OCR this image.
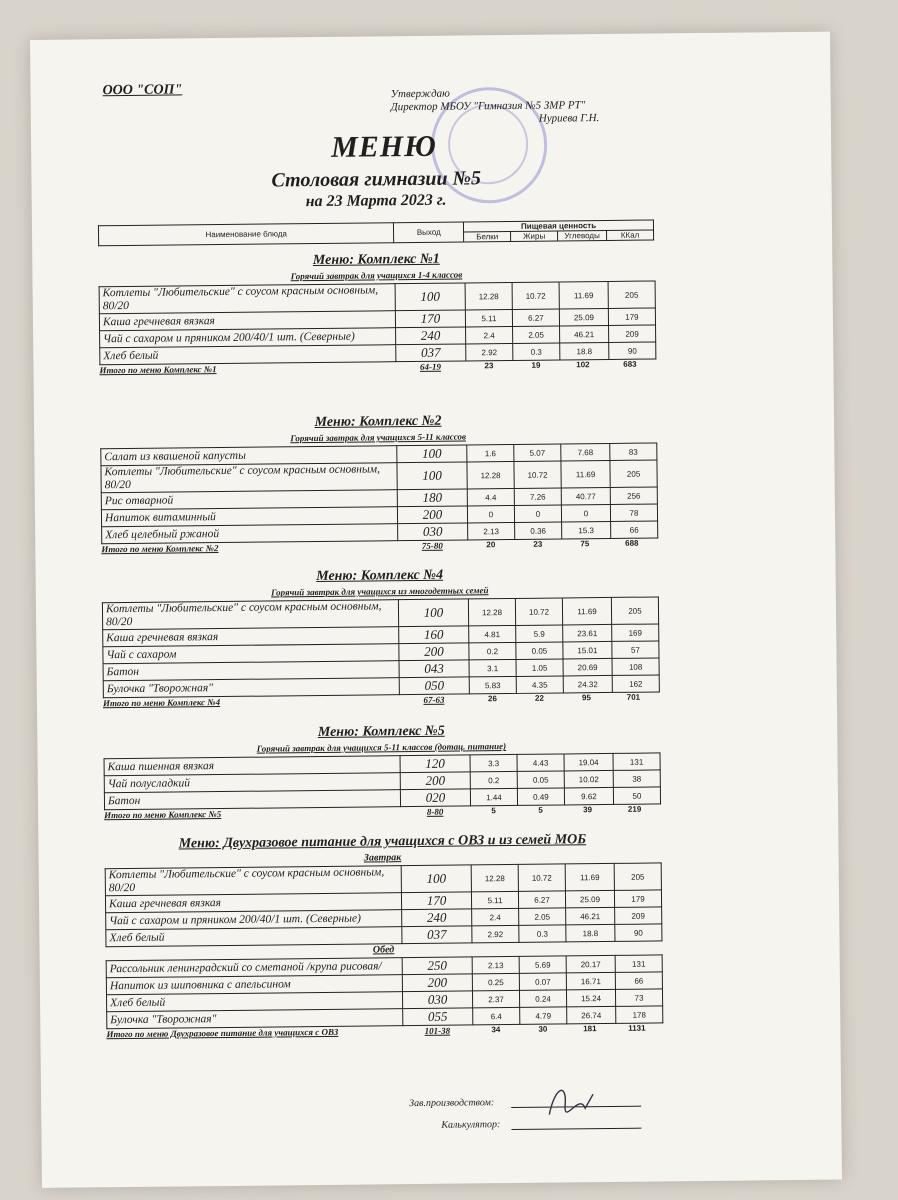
ООО "СОП"	Утверждаю
Директор МБОУ "Гимназия №5 ЗМР РТ"
Нуриева Г.Н.
МЕНЮ
Столовая гимназии №5
на 23 Марта 2023 г.
Наименование блюда	Выход	Пищевая ценность			
		Белки	Жиры	Углеводы	ККал
Меню: Комплекс №1
Горячий завтрак для учащихся 1-4 классов
Котлеты "Любительские" с соусом красным основным, 80/20	100	12.28	10.72	11.69	205
Каша гречневая вязкая	170	5.11	6.27	25.09	179
Чай с сахаром и пряником 200/40/1 шт. (Северные)	240	2.4	2.05	46.21	209
Хлеб белый	037	2.92	0.3	18.8	90
Итого по меню Комплекс №1	64-19	23	19	102	683
Меню: Комплекс №2
Горячий завтрак для учащихся 5-11 классов
Салат из квашеной капусты	100	1.6	5.07	7.68	83
Котлеты "Любительские" с соусом красным основным, 80/20	100	12.28	10.72	11.69	205
Рис отварной	180	4.4	7.26	40.77	256
Напиток витаминный	200	0	0	0	78
Хлеб целебный ржаной	030	2.13	0.36	15.3	66
Итого по меню Комплекс №2	75-80	20	23	75	688
Меню: Комплекс №4
Горячий завтрак для учащихся из многодетных семей
Котлеты "Любительские" с соусом красным основным, 80/20	100	12.28	10.72	11.69	205
Каша гречневая вязкая	160	4.81	5.9	23.61	169
Чай с сахаром	200	0.2	0.05	15.01	57
Батон	043	3.1	1.05	20.69	108
Булочка "Творожная"	050	5.83	4.35	24.32	162
Итого по меню Комплекс №4	67-63	26	22	95	701
Меню: Комплекс №5
Горячий завтрак для учащихся 5-11 классов (дотац. питание)
Каша пшенная вязкая	120	3.3	4.43	19.04	131
Чай полусладкий	200	0.2	0.05	10.02	38
Батон	020	1.44	0.49	9.62	50
Итого по меню Комплекс №5	8-80	5	5	39	219
Меню: Двухразовое питание для учащихся с ОВЗ и из семей МОБ
Завтрак
Котлеты "Любительские" с соусом красным основным, 80/20	100	12.28	10.72	11.69	205
Каша гречневая вязкая	170	5.11	6.27	25.09	179
Чай с сахаром и пряником 200/40/1 шт. (Северные)	240	2.4	2.05	46.21	209
Хлеб белый	037	2.92	0.3	18.8	90
Обед
Рассольник ленинградский со сметаной /крупа рисовая/	250	2.13	5.69	20.17	131
Напиток из шиповника с апельсином	200	0.25	0.07	16.71	66
Хлеб белый	030	2.37	0.24	15.24	73
Булочка "Творожная"	055	6.4	4.79	26.74	178
Итого по меню Двухразовое питание для учащихся с ОВЗ	101-38	34	30	181	1131
Зав.производством:
Калькулятор:
